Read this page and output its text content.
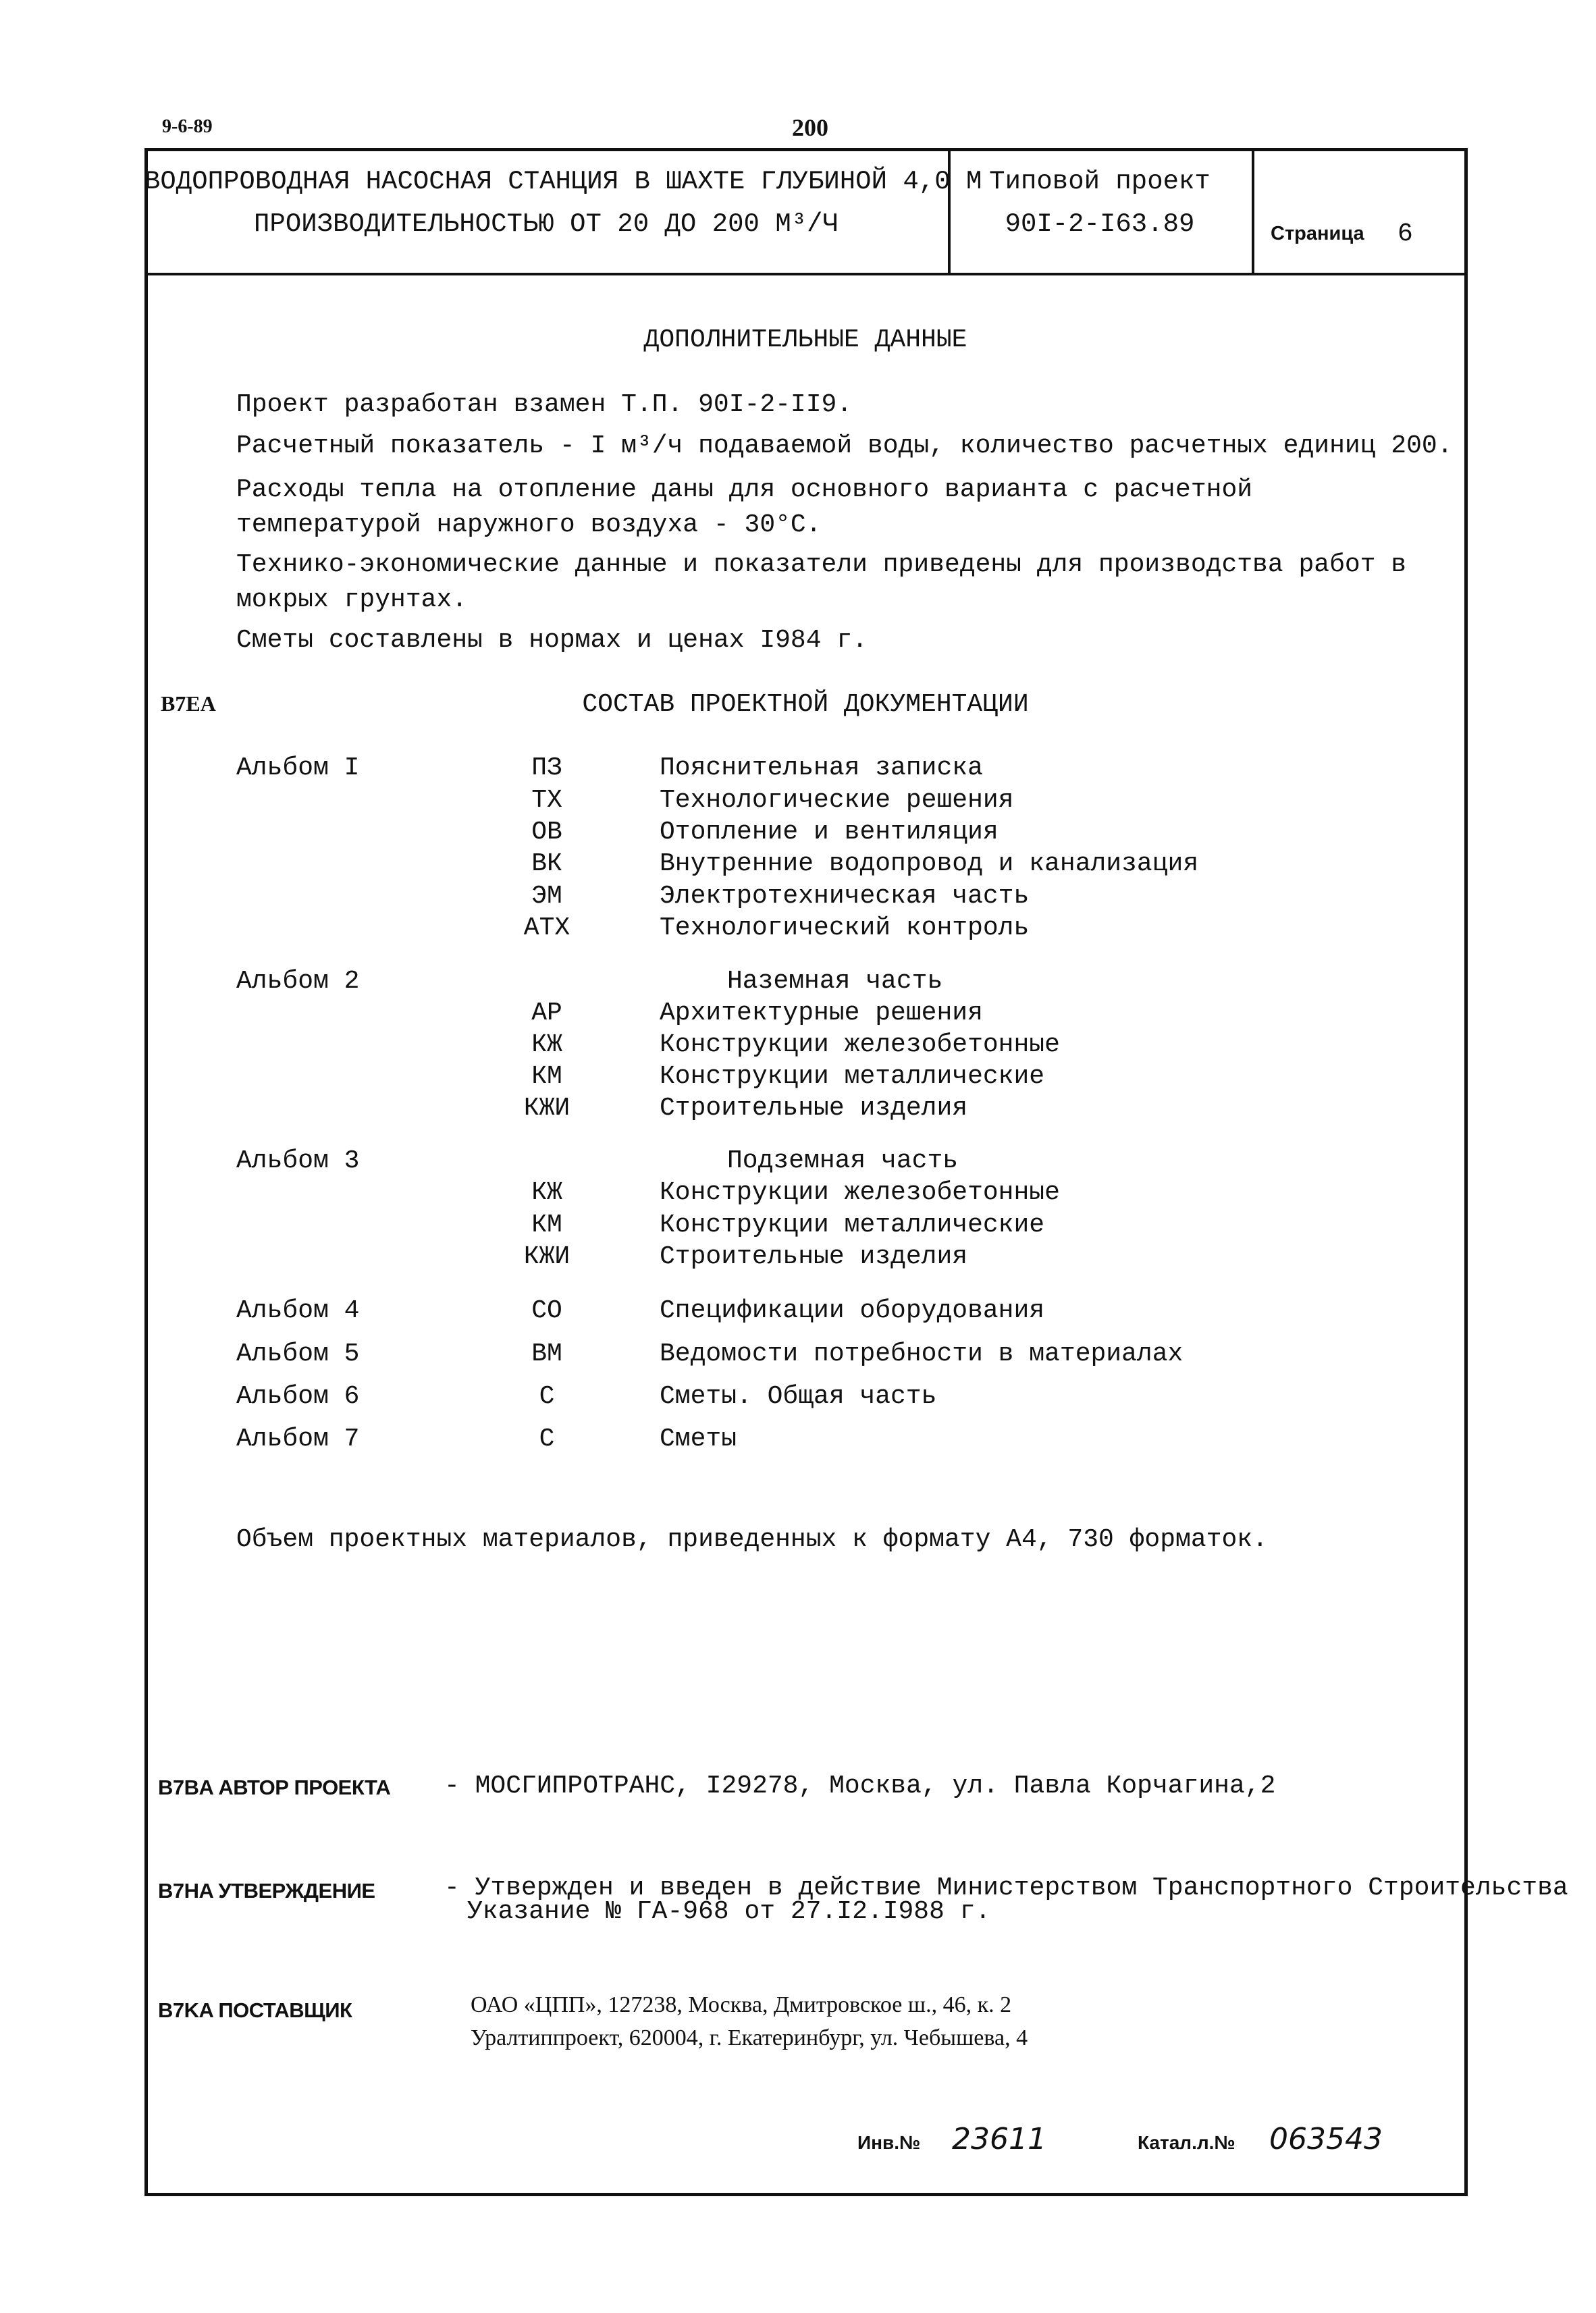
9-6-89	200
ВОДОПРОВОДНАЯ НАСОСНАЯ СТАНЦИЯ В ШАХТЕ ГЛУБИНОЙ 4,0 М
ПРОИЗВОДИТЕЛЬНОСТЬЮ ОТ 20 ДО 200 М³/Ч
Типовой проект
90I-2-I63.89	Страница 6
ДОПОЛНИТЕЛЬНЫЕ ДАННЫЕ
Проект разработан взамен Т.П. 90I-2-II9.
Расчетный показатель - I м³/ч подаваемой воды, количество расчетных единиц 200.
Расходы тепла на отопление даны для основного варианта с расчетной температурой наружного воздуха - 30°С.
Технико-экономические данные и показатели приведены для производства работ в мокрых грунтах.
Сметы составлены в нормах и ценах I984 г.
B7EA	СОСТАВ ПРОЕКТНОЙ ДОКУМЕНТАЦИИ
Альбом I	ПЗ	Пояснительная записка
ТХ	Технологические решения
ОВ	Отопление и вентиляция
ВК	Внутренние водопровод и канализация
ЭМ	Электротехническая часть
АТХ	Технологический контроль
Альбом 2	Наземная часть
АР	Архитектурные решения
КЖ	Конструкции железобетонные
КМ	Конструкции металлические
КЖИ	Строительные изделия
Альбом 3	Подземная часть
КЖ	Конструкции железобетонные
КМ	Конструкции металлические
КЖИ	Строительные изделия
Альбом 4	СО	Спецификации оборудования
Альбом 5	ВМ	Ведомости потребности в материалах
Альбом 6	С	Сметы. Общая часть
Альбом 7	С	Сметы
Объем проектных материалов, приведенных к формату А4, 730 форматок.
B7BA АВТОР ПРОЕКТА - МОСГИПРОТРАНС, I29278, Москва, ул. Павла Корчагина,2
B7HA УТВЕРЖДЕНИЕ	- Утвержден и введен в действие Министерством Транспортного Строительства
Указание № ГА-968 от 27.I2.I988 г.
B7KA ПОСТАВЩИК	ОАО «ЦПП», 127238, Москва, Дмитровское ш., 46, к. 2
Уралтиппроект, 620004, г. Екатеринбург, ул. Чебышева, 4
Инв.№ 23611	Катал.л.№ 063543
